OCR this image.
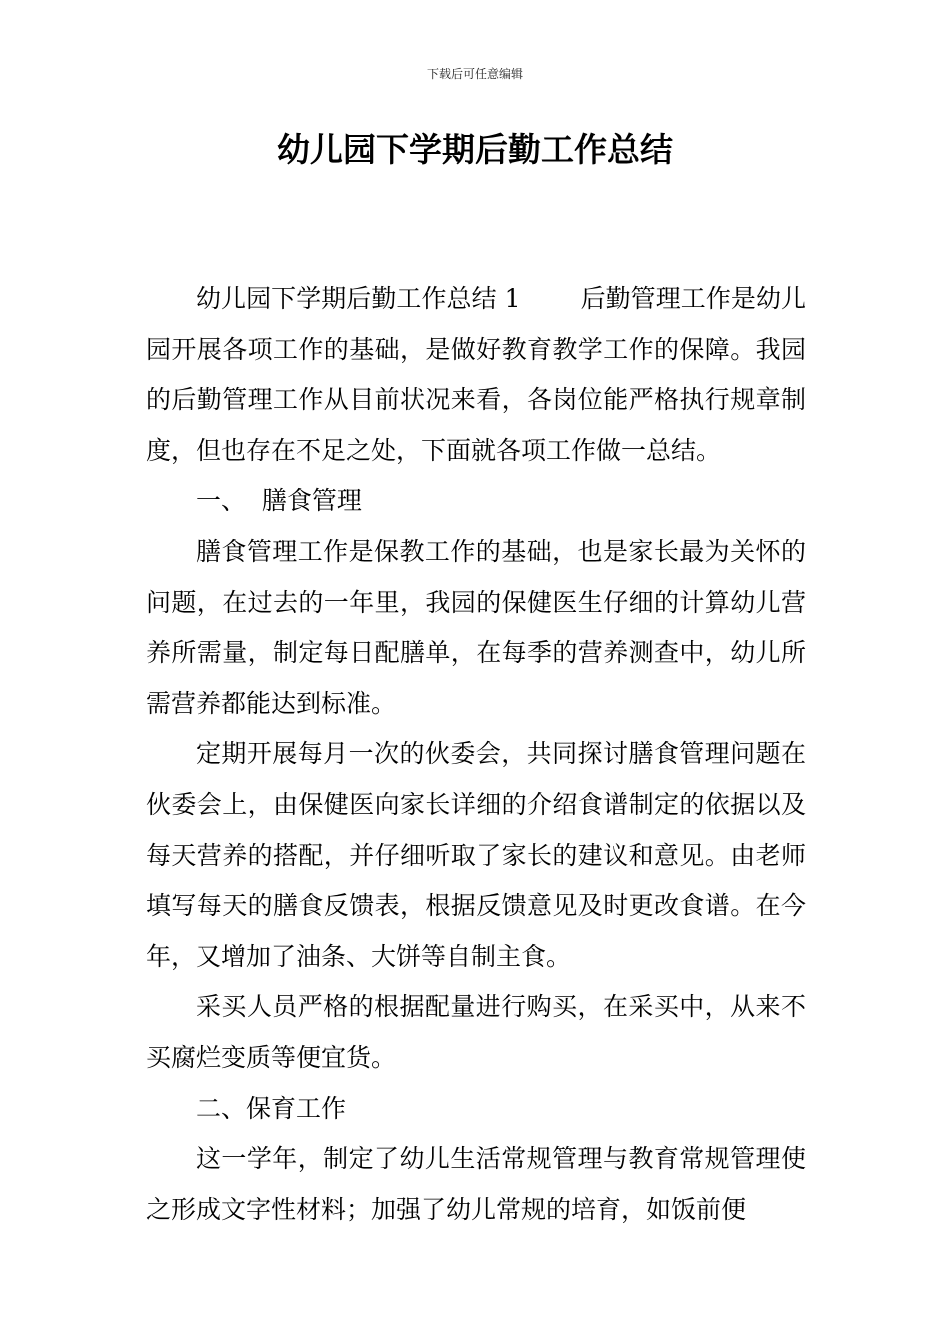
下载后可任意编辑
幼儿园下学期后勤工作总结

幼儿园下学期后勤工作总结 1 后勤管理工作是幼儿园开展各项工作的基础，是做好教育教学工作的保障。我园的后勤管理工作从目前状况来看，各岗位能严格执行规章制度，但也存在不足之处，下面就各项工作做一总结。

一、  膳食管理

膳食管理工作是保教工作的基础，也是家长最为关怀的问题，在过去的一年里，我园的保健医生仔细的计算幼儿营养所需量，制定每日配膳单，在每季的营养测查中，幼儿所需营养都能达到标准。

定期开展每月一次的伙委会，共同探讨膳食管理问题在伙委会上，由保健医向家长详细的介绍食谱制定的依据以及每天营养的搭配，并仔细听取了家长的建议和意见。由老师填写每天的膳食反馈表，根据反馈意见及时更改食谱。在今年，又增加了油条、大饼等自制主食。

采买人员严格的根据配量进行购买，在采买中，从来不买腐烂变质等便宜货。

二、保育工作

这一学年，制定了幼儿生活常规管理与教育常规管理使之形成文字性材料；加强了幼儿常规的培育，如饭前便
